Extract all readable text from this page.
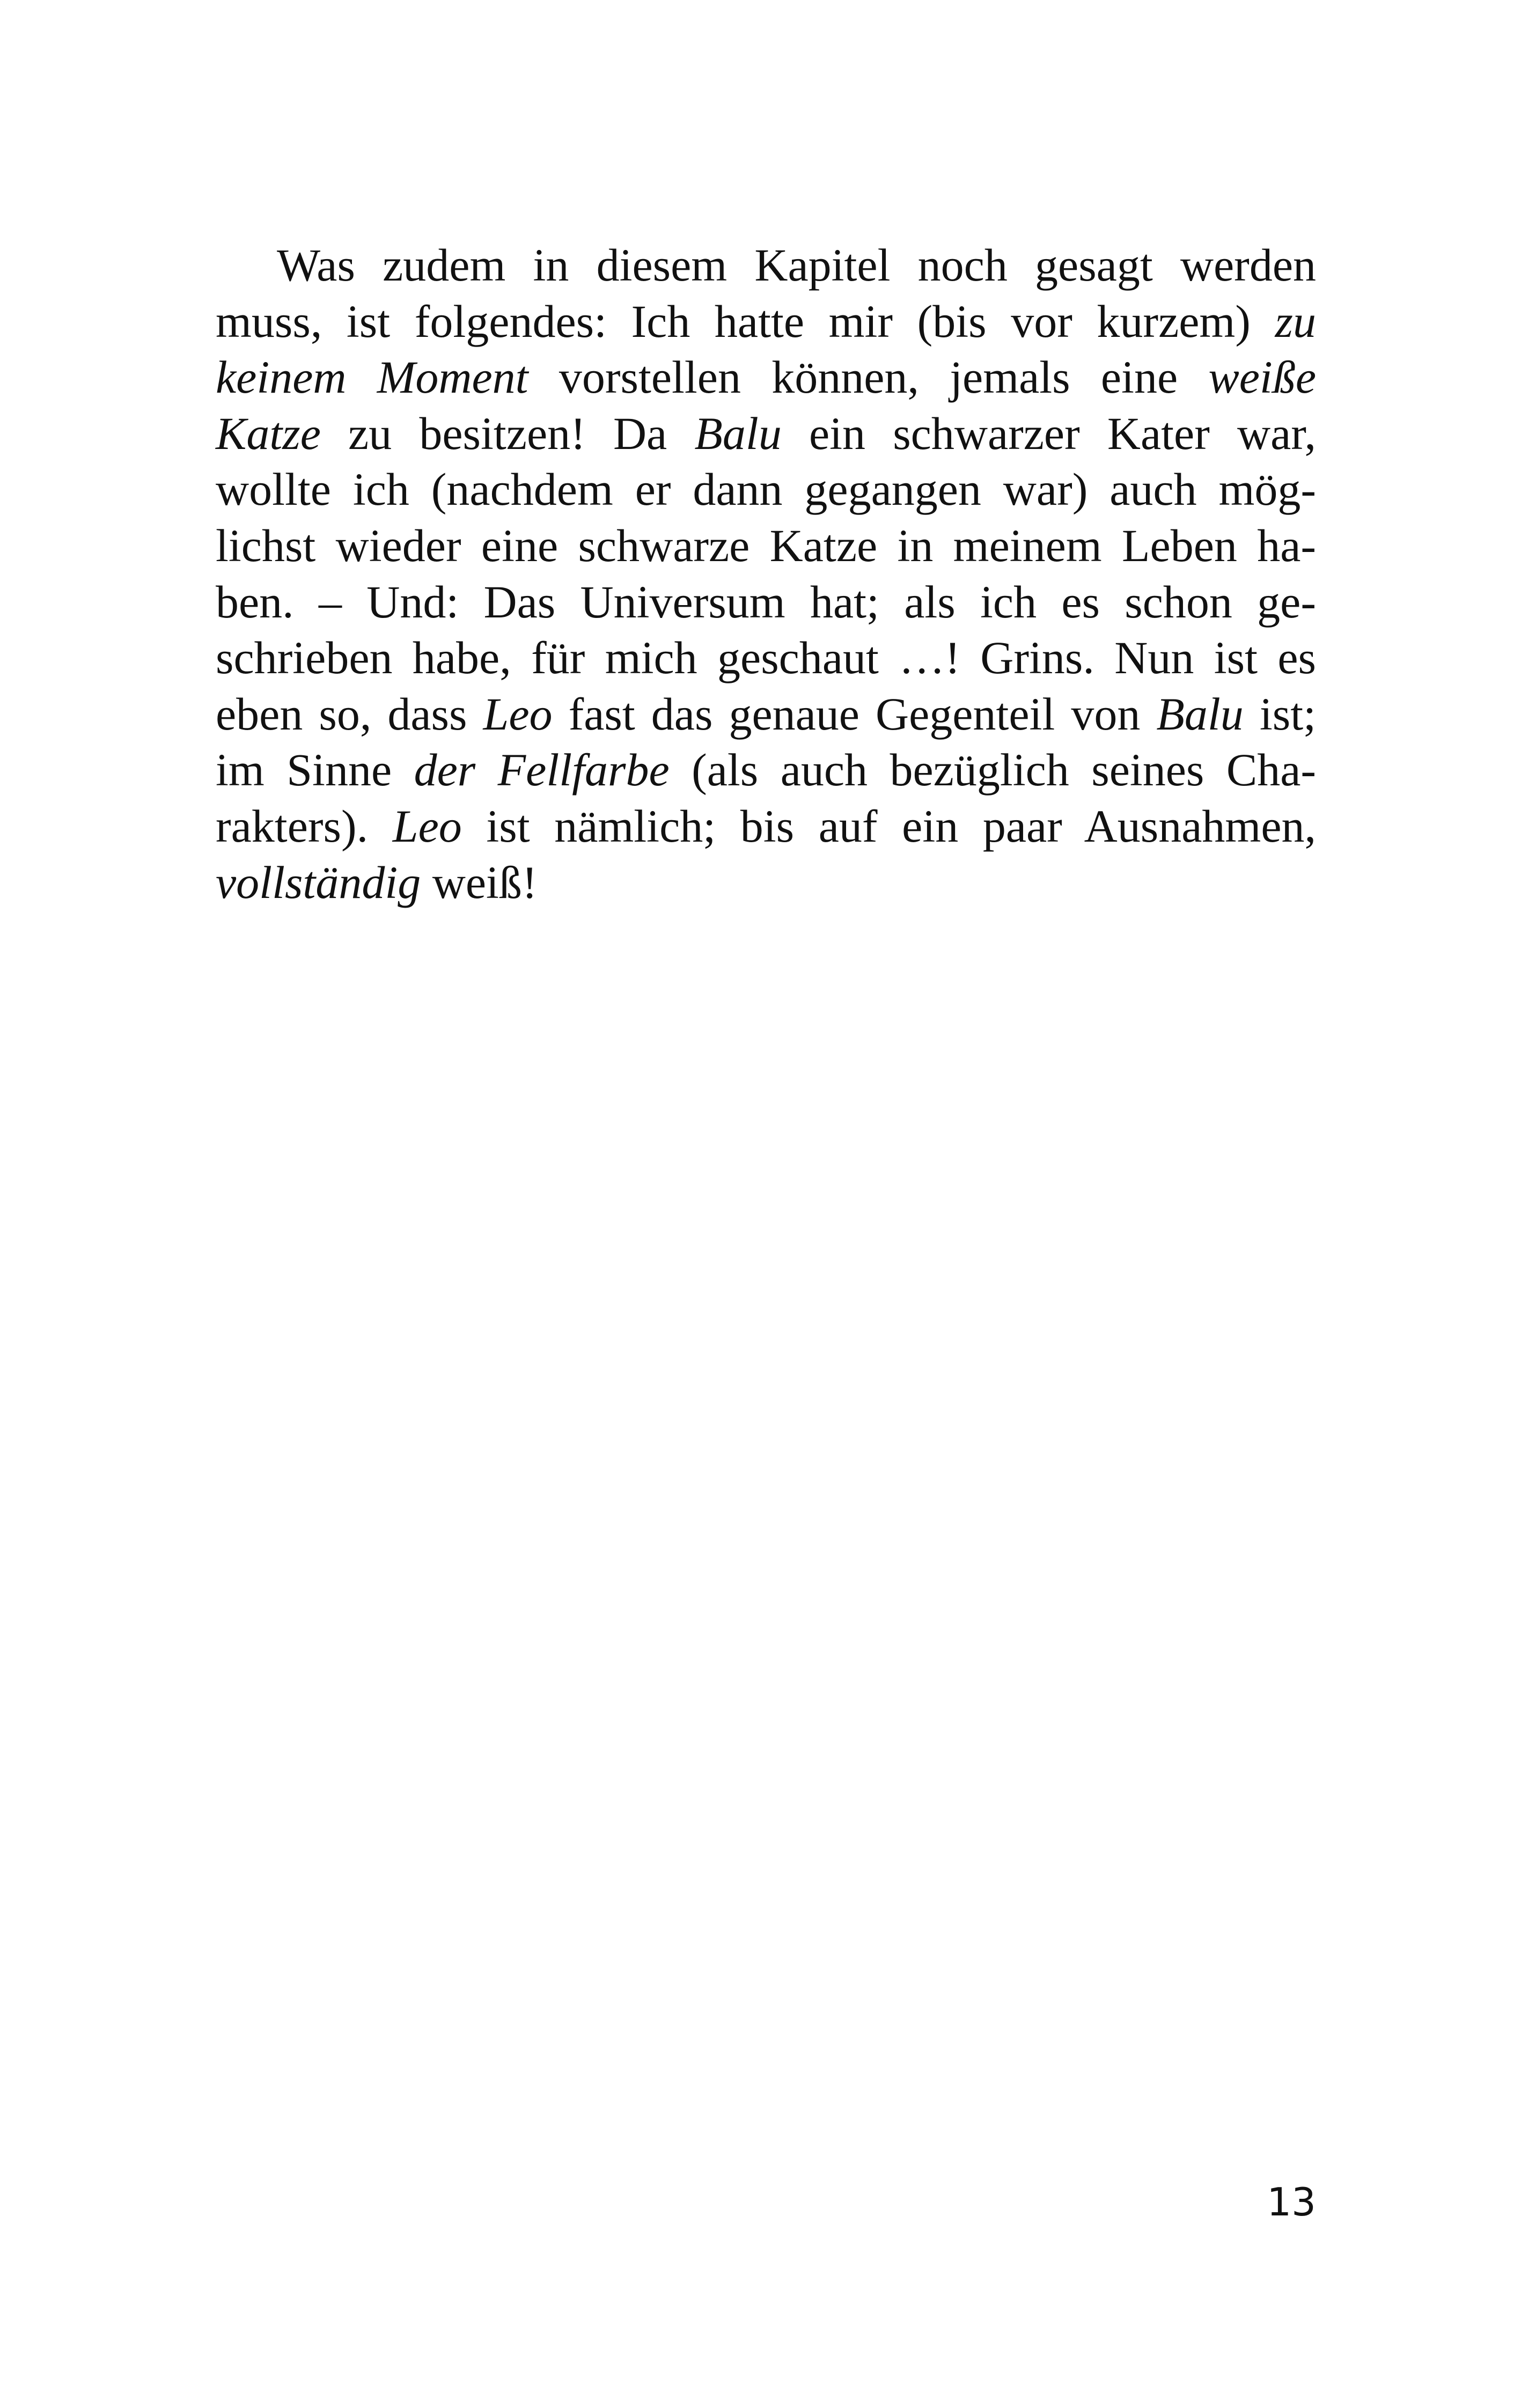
Was zudem in diesem Kapitel noch gesagt werden
muss, ist folgendes: Ich hatte mir (bis vor kurzem) zu
keinem Moment vorstellen können, jemals eine weiße
Katze zu besitzen! Da Balu ein schwarzer Kater war,
wollte ich (nachdem er dann gegangen war) auch mög-
lichst wieder eine schwarze Katze in meinem Leben ha-
ben. – Und: Das Universum hat; als ich es schon ge-
schrieben habe, für mich geschaut …! Grins. Nun ist es
eben so, dass Leo fast das genaue Gegenteil von Balu ist;
im Sinne der Fellfarbe (als auch bezüglich seines Cha-
rakters). Leo ist nämlich; bis auf ein paar Ausnahmen,
vollständig weiß!
13
